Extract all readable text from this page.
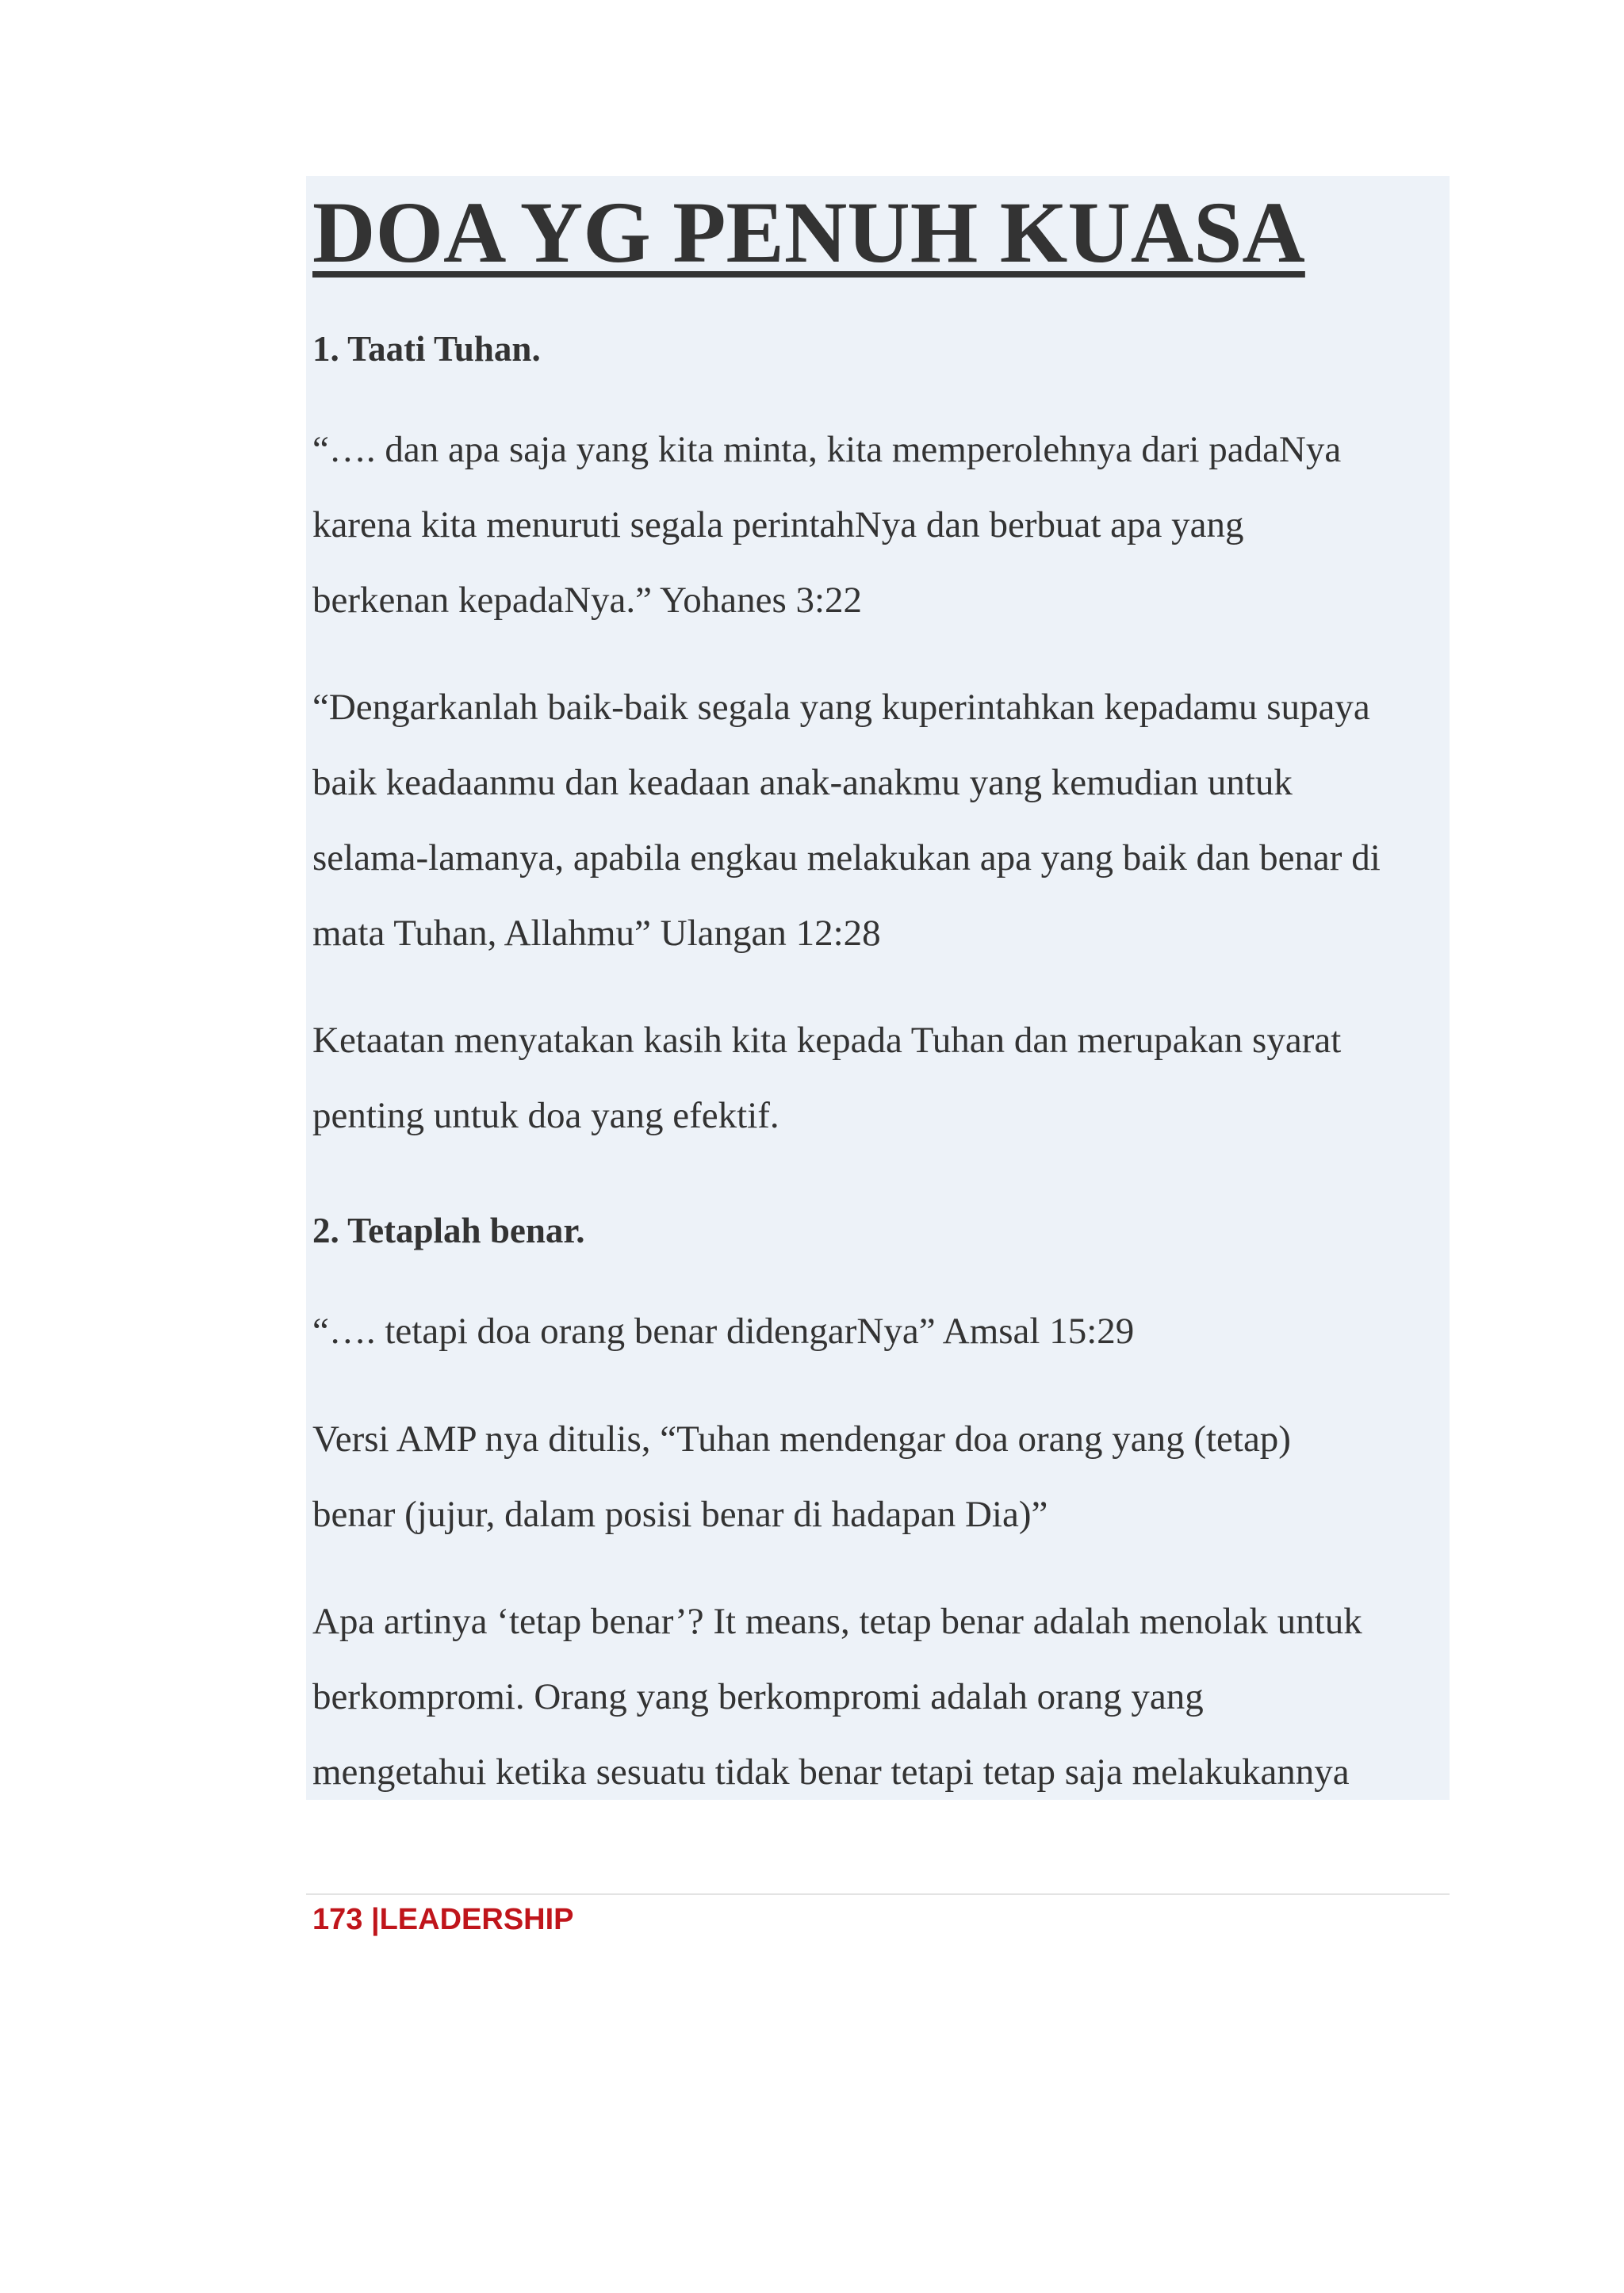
DOA YG PENUH KUASA
1. Taati Tuhan.

“…. dan apa saja yang kita minta, kita memperolehnya dari padaNya
karena kita menuruti segala perintahNya dan berbuat apa yang
berkenan kepadaNya.” Yohanes 3:22

“Dengarkanlah baik-baik segala yang kuperintahkan kepadamu supaya
baik keadaanmu dan keadaan anak-anakmu yang kemudian untuk
selama-lamanya, apabila engkau melakukan apa yang baik dan benar di
mata Tuhan, Allahmu” Ulangan 12:28

Ketaatan menyatakan kasih kita kepada Tuhan dan merupakan syarat
penting untuk doa yang efektif.

2. Tetaplah benar.

“…. tetapi doa orang benar didengarNya” Amsal 15:29

Versi AMP nya ditulis, “Tuhan mendengar doa orang yang (tetap)
benar (jujur, dalam posisi benar di hadapan Dia)”

Apa artinya ‘tetap benar’? It means, tetap benar adalah menolak untuk
berkompromi. Orang yang berkompromi adalah orang yang
mengetahui ketika sesuatu tidak benar tetapi tetap saja melakukannya

173 |LEADERSHIP
